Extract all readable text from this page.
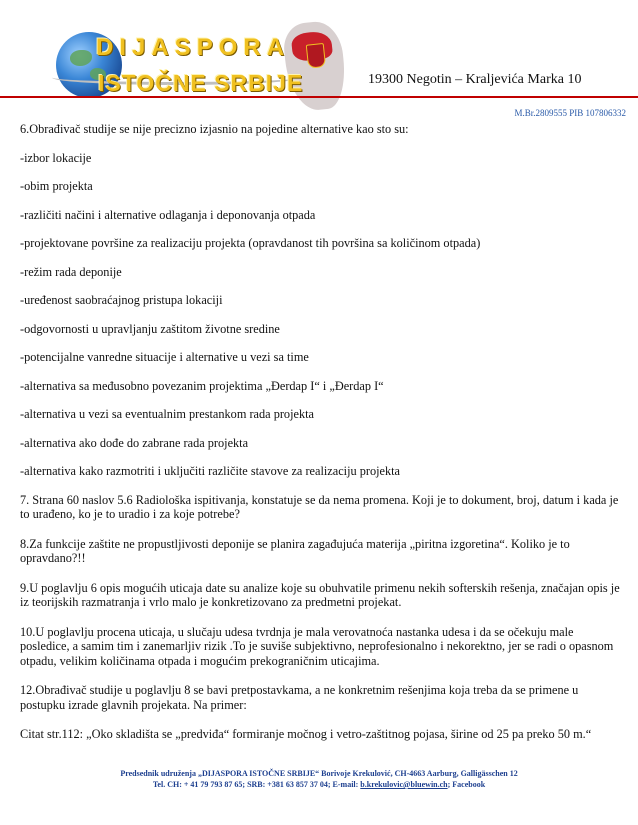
DIJASPORA
ISTOČNE SRBIJE	19300 Negotin – Kraljevića Marka 10
M.Br.2809555 PIB 107806332

6.Obrađivač studije se nije precizno izjasnio na pojedine alternative kao sto su:

-izbor lokacije

-obim projekta

-različiti načini i alternative odlaganja i deponovanja otpada

-projektovane površine za realizaciju projekta (opravdanost tih površina sa količinom otpada)

-režim rada deponije

-uređenost saobraćajnog pristupa lokaciji

-odgovornosti u upravljanju zaštitom životne sredine

-potencijalne vanredne situacije i alternative u vezi sa time

-alternativa sa međusobno povezanim projektima „Đerdap I“ i „Đerdap I“

-alternativa u vezi sa eventualnim prestankom rada projekta

-alternativa ako dođe do zabrane rada projekta

-alternativa kako razmotriti i uključiti različite stavove za realizaciju projekta

7. Strana 60 naslov 5.6 Radiološka ispitivanja, konstatuje se da nema promena. Koji je to dokument, broj, datum i kada je to urađeno, ko je to uradio i za koje potrebe?

8.Za funkcije zaštite ne propustljivosti deponije se planira zagađujuća materija „piritna izgoretina“. Koliko je to opravdano?!!

9.U poglavlju 6 opis mogućih uticaja date su analize koje su obuhvatile primenu nekih softerskih rešenja, značajan opis je iz teorijskih razmatranja i vrlo malo je konkretizovano za predmetni projekat.

10.U poglavlju procena uticaja, u slučaju udesa tvrdnja je mala verovatnoća nastanka udesa i da se očekuju male posledice, a samim tim i zanemarljiv rizik .To je suviše subjektivno, neprofesionalno i nekorektno, jer se radi o opasnom otpadu, velikim količinama otpada i mogućim prekograničnim uticajima.

12.Obrađivač studije u poglavlju 8 se bavi pretpostavkama, a ne konkretnim rešenjima koja treba da se primene u postupku izrade glavnih projekata. Na primer:

Citat str.112: „Oko skladišta se „predviđa“ formiranje močnog i vetro-zaštitnog pojasa, širine od 25 pa preko 50 m.“

Predsednik udruženja „DIJASPORA ISTOČNE SRBIJE“ Borivoje Krekulović, CH-4663 Aarburg, Galligässchen 12
Tel. CH: + 41 79 793 87 65; SRB: +381 63 857 37 04; E-mail: b.krekulovic@bluewin.ch; Facebook
